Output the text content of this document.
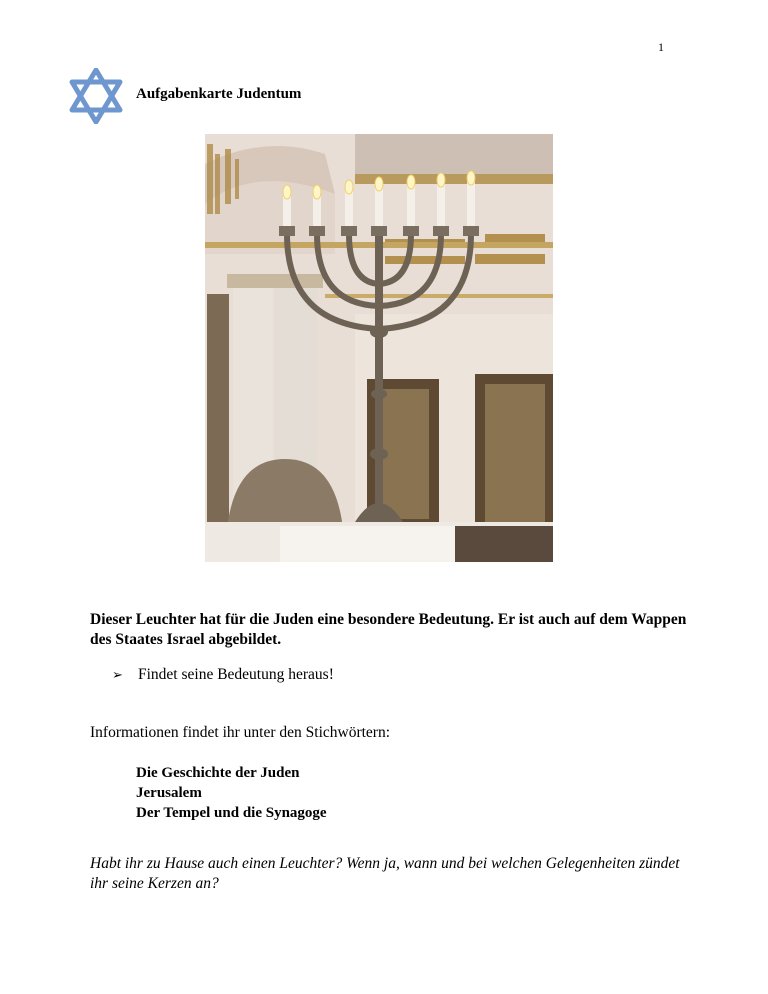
1
Aufgabenkarte Judentum
Dieser Leuchter hat für die Juden eine besondere Bedeutung. Er ist auch auf dem Wappen des Staates Israel abgebildet.
➢ Findet seine Bedeutung heraus!
Informationen findet ihr unter den Stichwörtern:
Die Geschichte der Juden
Jerusalem
Der Tempel und die Synagoge
Habt ihr zu Hause auch einen Leuchter? Wenn ja, wann und bei welchen Gelegenheiten zündet ihr seine Kerzen an?
